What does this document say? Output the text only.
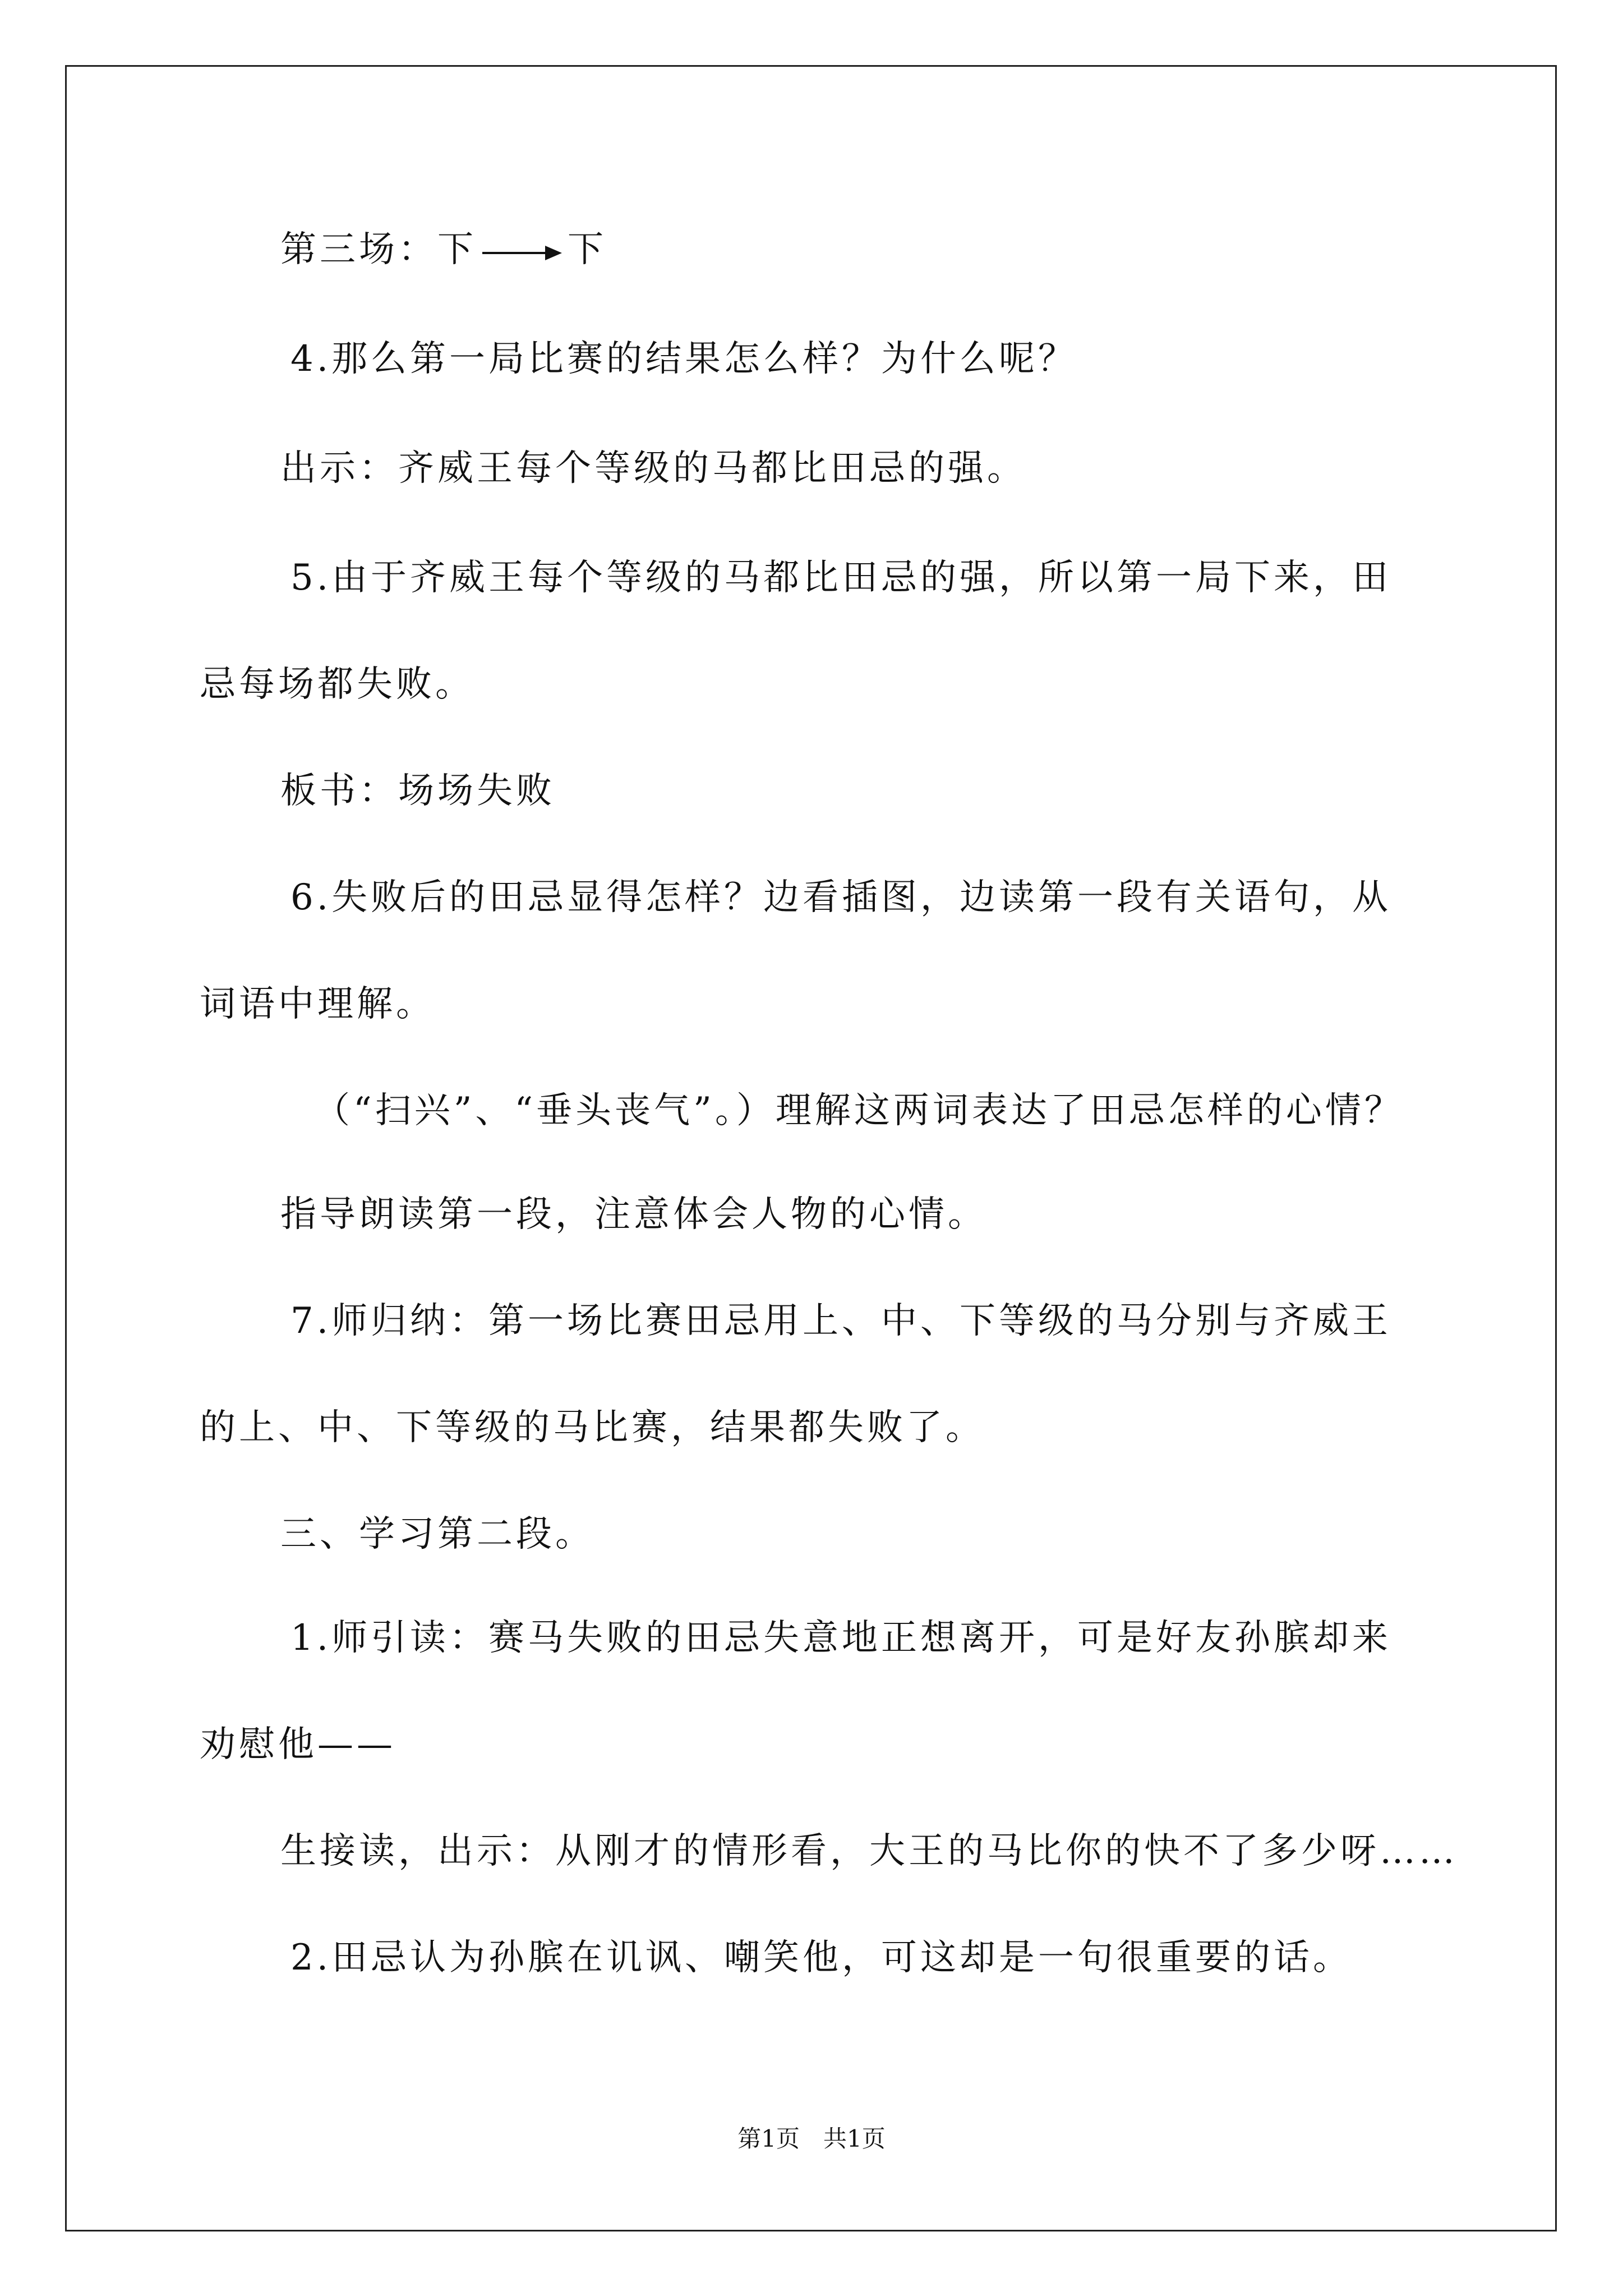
第三场：下	下
4.那么第一局比赛的结果怎么样？为什么呢？
出示：齐威王每个等级的马都比田忌的强。
5.由于齐威王每个等级的马都比田忌的强，所以第一局下来，田
忌每场都失败。
板书：场场失败
6.失败后的田忌显得怎样？边看插图，边读第一段有关语句，从
词语中理解。
（“扫兴”、“垂头丧气”。）理解这两词表达了田忌怎样的心情？
指导朗读第一段，注意体会人物的心情。
7.师归纳：第一场比赛田忌用上、中、下等级的马分别与齐威王
的上、中、下等级的马比赛，结果都失败了。
三、学习第二段。
1.师引读：赛马失败的田忌失意地正想离开，可是好友孙膑却来
劝慰他——
生接读，出示：从刚才的情形看，大王的马比你的快不了多少呀……
2.田忌认为孙膑在讥讽、嘲笑他，可这却是一句很重要的话。
第1页　共1页
